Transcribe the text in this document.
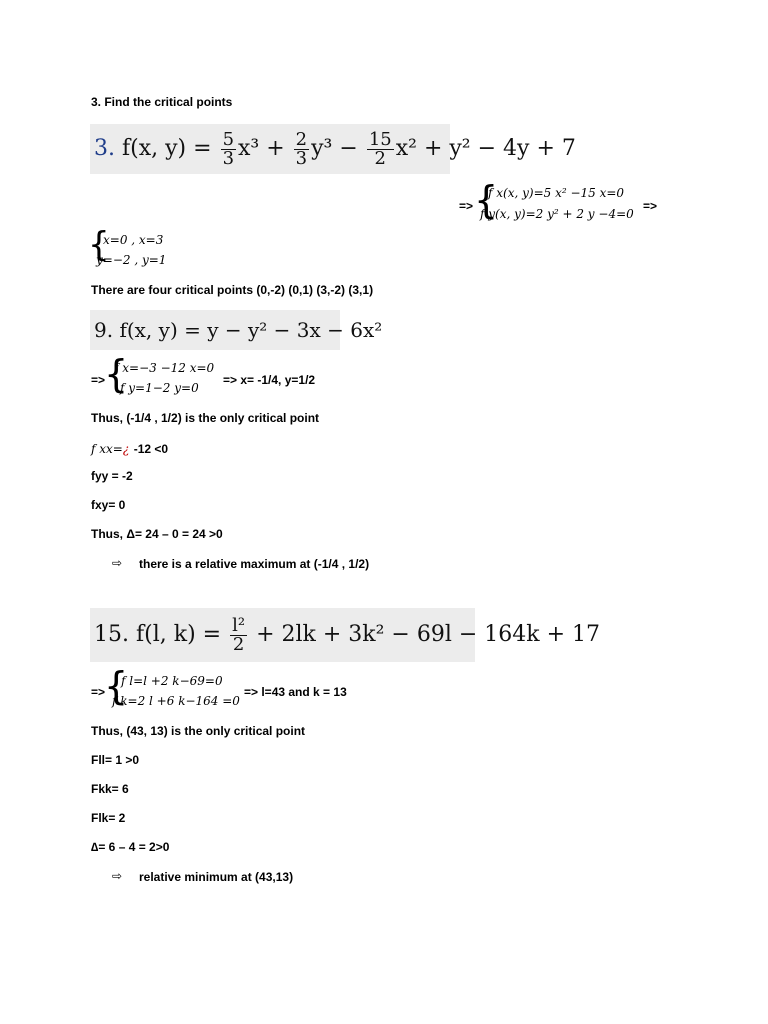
3. Find the critical points
3. f(x, $y) = \frac{5}{3} x^3 + \frac{2}{3} y^3 - \frac{15}{2} x^2 + y^2 - 4y + 7$
=> {
f x(x, y)=5 x² −15 x=0
f y(x, y)=2 y² + 2 y −4=0
=>
{
x=0 , x=3
y=−2 , y=1
There are four critical points (0,-2) (0,1) (3,-2) (3,1)
9. f(x, y) = y − y² − 3x − 6x²
=>
{
f x=−3 −12 x=0
f y=1−2 y=0
=> x= -1/4, y=1/2
Thus, (-1/4 , 1/2) is the only critical point
f xx=¿ -12 <0
fyy = -2
fxy= 0
Thus, Δ= 24 – 0 = 24 >0
⇨ there is a relative maximum at (-1/4 , 1/2)
15. f(l, $k) = \frac{\text{l²}}{2} + 2lk + 3k^2 - 69l - 164k + 17$
=>
{
f l=l +2 k−69=0
f k=2 l +6 k−164 =0
=> l=43 and k = 13
Thus, (43, 13) is the only critical point
Fll= 1 >0
Fkk= 6
Flk= 2
∆= 6 – 4 = 2>0
⇨ relative minimum at (43,13)
